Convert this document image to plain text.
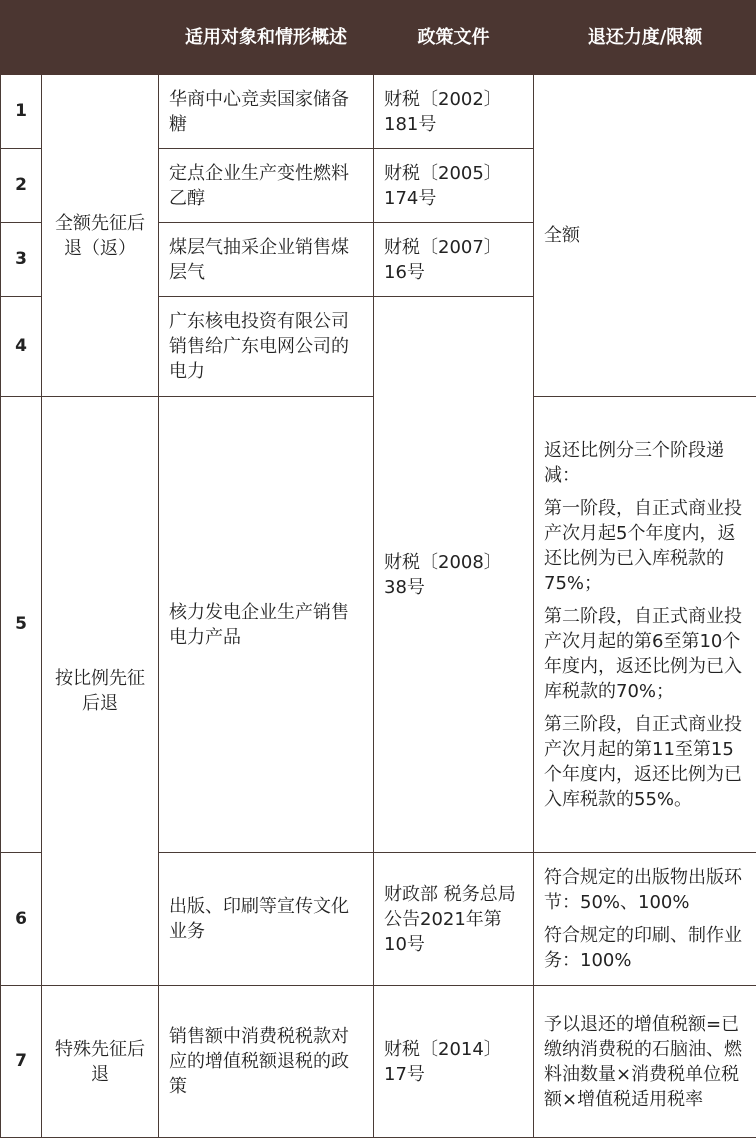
		适用对象和情形概述	政策文件	退还力度/限额
1	全额先征后退（返）	华商中心竞卖国家储备糖	财税〔2002〕181号	全额
2		定点企业生产变性燃料乙醇	财税〔2005〕174号	
3		煤层气抽采企业销售煤层气	财税〔2007〕16号	
4		广东核电投资有限公司销售给广东电网公司的电力	财税〔2008〕38号	
5	按比例先征后退	核力发电企业生产销售电力产品		返还比例分三个阶段递减：

第一阶段，自正式商业投产次月起5个年度内，返还比例为已入库税款的75%；

第二阶段，自正式商业投产次月起的第6至第10个年度内，返还比例为已入库税款的70%；

第三阶段，自正式商业投产次月起的第11至第15个年度内，返还比例为已入库税款的55%。

6		出版、印刷等宣传文化业务	财政部 税务总局公告2021年第10号	符合规定的出版物出版环节：50%、100%

符合规定的印刷、制作业务：100%

7	特殊先征后退	销售额中消费税税款对应的增值税额退税的政策	财税〔2014〕17号	予以退还的增值税额=已缴纳消费税的石脑油、燃料油数量×消费税单位税额×增值税适用税率
